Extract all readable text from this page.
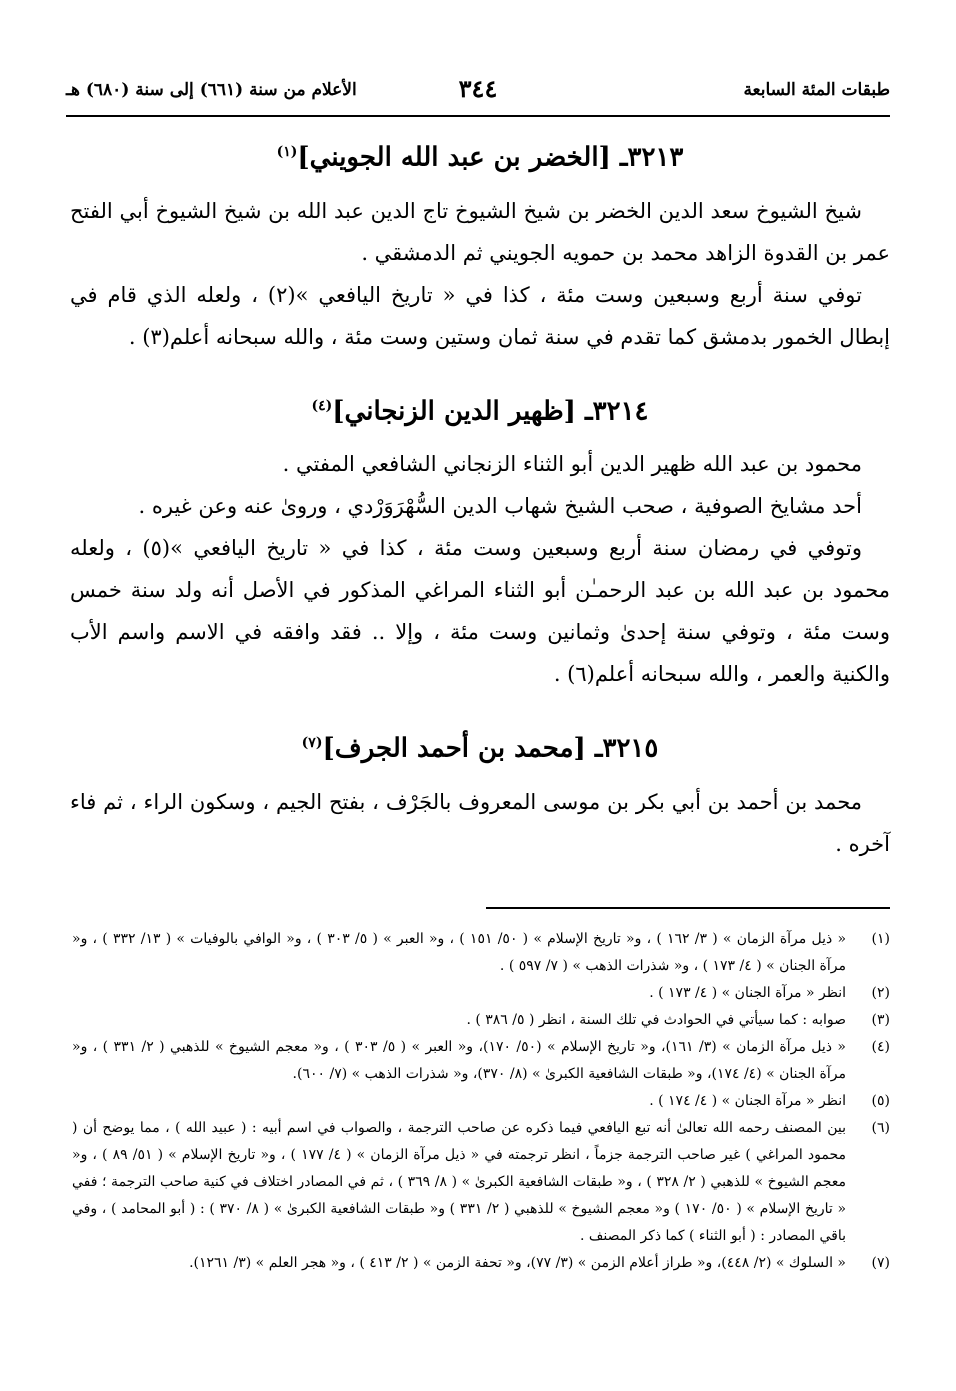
طبقات المئة السابعة
٣٤٤
الأعلام من سنة (٦٦١) إلى سنة (٦٨٠) هـ
٣٢١٣ـ [الخضر بن عبد الله الجويني]$^{(١)}$

شيخ الشيوخ سعد الدين الخضر بن شيخ الشيوخ تاج الدين عبد الله بن شيخ الشيوخ أبي الفتح عمر بن القدوة الزاهد محمد بن حمويه الجويني ثم الدمشقي .

توفي سنة أربع وسبعين وست مئة ، كذا في « تاريخ اليافعي »(٢) ، ولعله الذي قام في إبطال الخمور بدمشق كما تقدم في سنة ثمان وستين وست مئة ، والله سبحانه أعلم(٣) .

٣٢١٤ـ [ظهير الدين الزنجاني]$^{(٤)}$

محمود بن عبد الله ظهير الدين أبو الثناء الزنجاني الشافعي المفتي .

أحد مشايخ الصوفية ، صحب الشيخ شهاب الدين السُّهْرَوَرْدي ، وروىٰ عنه وعن غيره .

وتوفي في رمضان سنة أربع وسبعين وست مئة ، كذا في « تاريخ اليافعي »(٥) ، ولعله محمود بن عبد الله بن عبد الرحمـٰن أبو الثناء المراغي المذكور في الأصل أنه ولد سنة خمس وست مئة ، وتوفي سنة إحدىٰ وثمانين وست مئة ، وإلا .. فقد وافقه في الاسم واسم الأب والكنية والعمر ، والله سبحانه أعلم(٦) .

٣٢١٥ـ [محمد بن أحمد الجرف]$^{(٧)}$

محمد بن أحمد بن أبي بكر بن موسى المعروف بالجَرْف ، بفتح الجيم ، وسكون الراء ، ثم فاء آخره .

(١)
« ذيل مرآة الزمان » ( ٣/ ١٦٢ ) ، و« تاريخ الإسلام » ( ٥٠/ ١٥١ ) ، و« العبر » ( ٥/ ٣٠٣ ) ، و« الوافي بالوفيات » ( ١٣/ ٣٣٢ ) ، و« مرآة الجنان » ( ٤/ ١٧٣ ) ، و« شذرات الذهب » ( ٧/ ٥٩٧ ) .
(٢)
انظر « مرآة الجنان » ( ٤/ ١٧٣ ) .
(٣)
صوابه : كما سيأتي في الحوادث في تلك السنة ، انظر ( ٥/ ٣٨٦ ) .
(٤)
« ذيل مرآة الزمان » (٣/ ١٦١)، و« تاريخ الإسلام » (٥٠/ ١٧٠)، و« العبر » ( ٥/ ٣٠٣ ) ، و« معجم الشيوخ » للذهبي ( ٢/ ٣٣١ ) ، و« مرآة الجنان » (٤/ ١٧٤)، و« طبقات الشافعية الكبرىٰ » (٨/ ٣٧٠)، و« شذرات الذهب » (٧/ ٦٠٠).
(٥)
انظر « مرآة الجنان » ( ٤/ ١٧٤ ) .
(٦)
بين المصنف رحمه الله تعالىٰ أنه تبع اليافعي فيما ذكره عن صاحب الترجمة ، والصواب في اسم أبيه : ( عبيد الله ) ، مما يوضح أن ( محمود المراغي ) غير صاحب الترجمة جزماً ، انظر ترجمته في « ذيل مرآة الزمان » ( ٤/ ١٧٧ ) ، و« تاريخ الإسلام » ( ٥١/ ٨٩ ) ، و« معجم الشيوخ » للذهبي ( ٢/ ٣٢٨ ) ، و« طبقات الشافعية الكبرىٰ » ( ٨/ ٣٦٩ ) ، ثم في المصادر اختلاف في كنية صاحب الترجمة ؛ ففي « تاريخ الإسلام » ( ٥٠/ ١٧٠ ) و« معجم الشيوخ » للذهبي ( ٢/ ٣٣١ ) و« طبقات الشافعية الكبرىٰ » ( ٨/ ٣٧٠ ) : ( أبو المحامد ) ، وفي باقي المصادر : ( أبو الثناء ) كما ذكر المصنف .
(٧)
« السلوك » (٢/ ٤٤٨)، و« طراز أعلام الزمن » (٣/ ٧٧)، و« تحفة الزمن » ( ٢/ ٤١٣ ) ، و« هجر العلم » (٣/ ١٢٦١).
